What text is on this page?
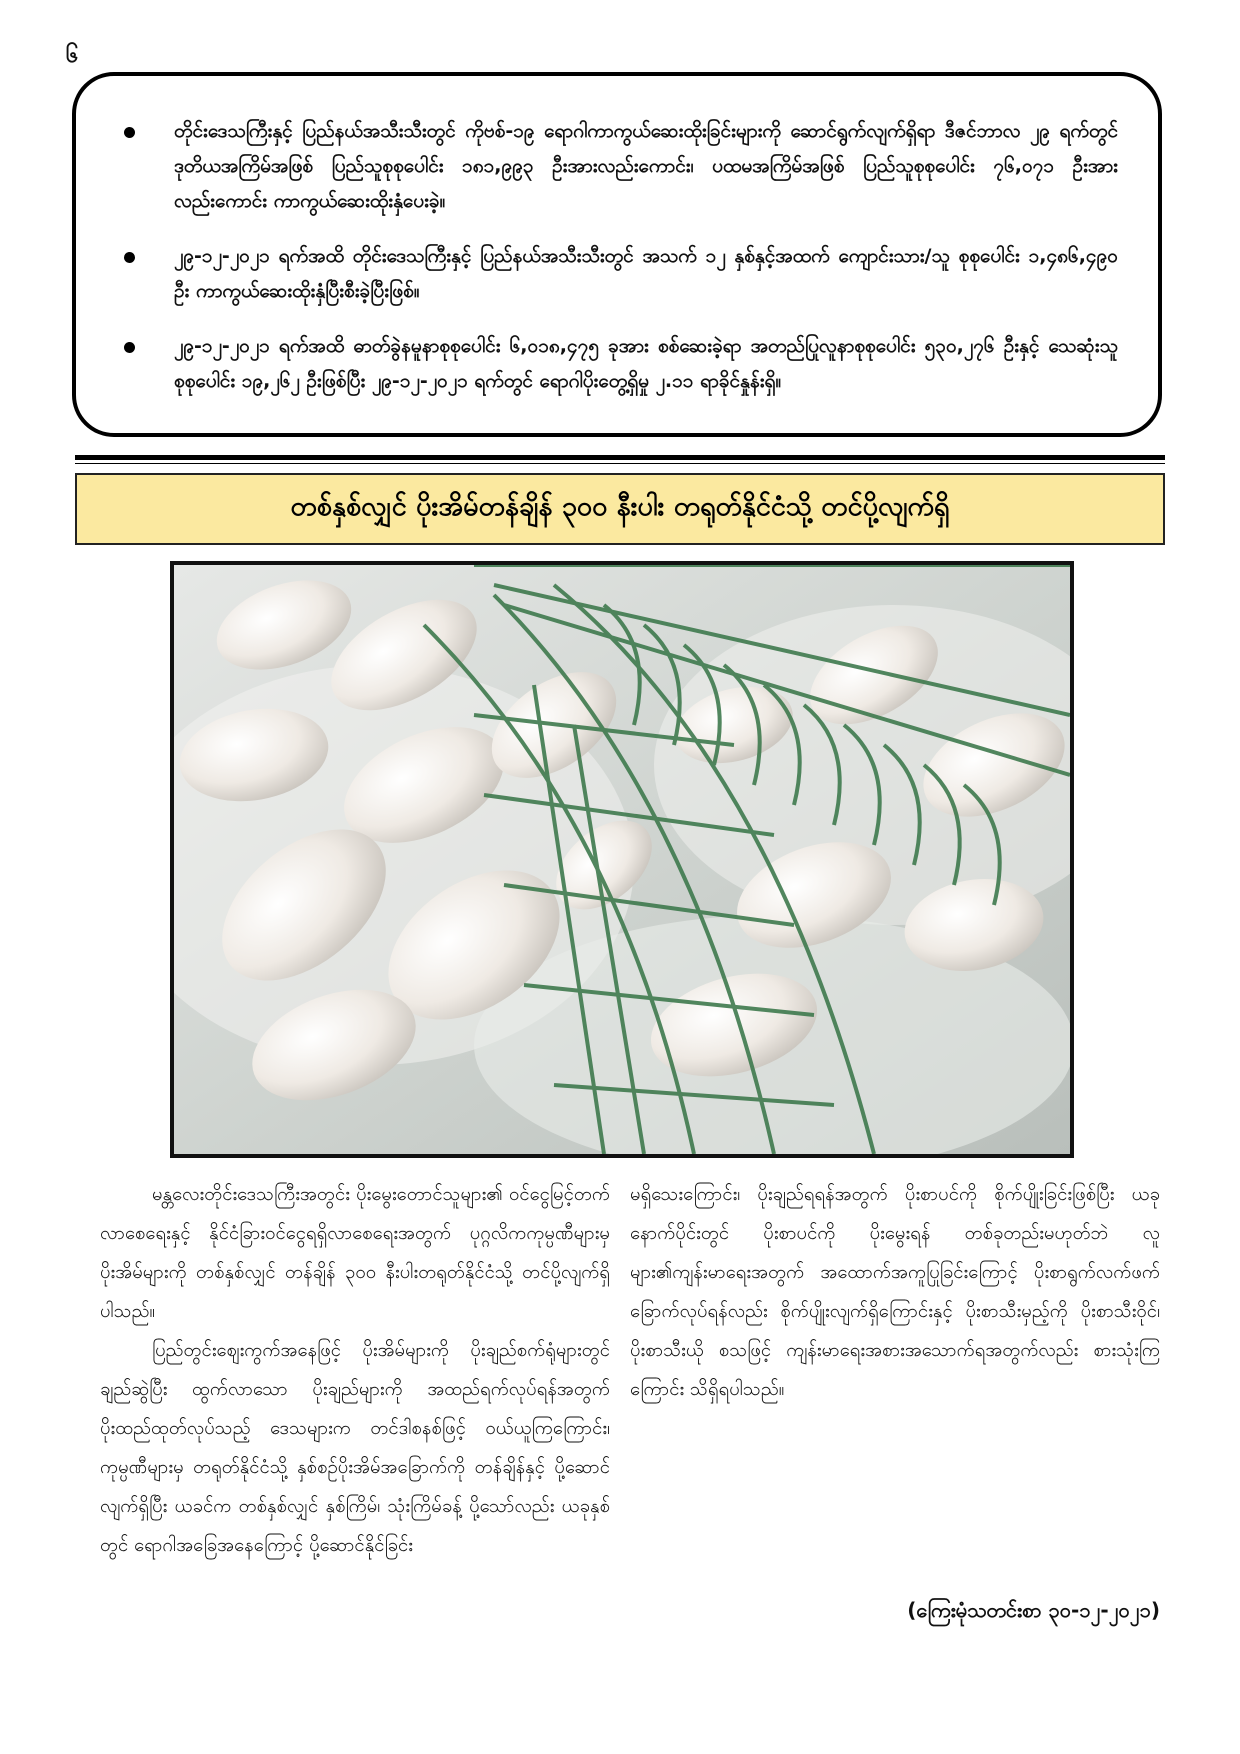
၆
တိုင်းဒေသကြီးနှင့် ပြည်နယ်အသီးသီးတွင် ကိုဗစ်-၁၉ ရောဂါကာကွယ်ဆေးထိုးခြင်းများကို ဆောင်ရွက်လျက်ရှိရာ ဒီဇင်ဘာလ ၂၉ ရက်တွင် ဒုတိယအကြိမ်အဖြစ် ပြည်သူစုစုပေါင်း ၁၈၁,၉၉၃ ဦးအားလည်းကောင်း၊ ပထမအကြိမ်အဖြစ် ပြည်သူစုစုပေါင်း ၇၆,၀၇၁ ဦးအားလည်းကောင်း ကာကွယ်ဆေးထိုးနှံပေးခဲ့။
၂၉-၁၂-၂၀၂၁ ရက်အထိ တိုင်းဒေသကြီးနှင့် ပြည်နယ်အသီးသီးတွင် အသက် ၁၂ နှစ်နှင့်အထက် ကျောင်းသား/သူ စုစုပေါင်း ၁,၄၈၆,၄၉၀ ဦး ကာကွယ်ဆေးထိုးနှံပြီးစီးခဲ့ပြီးဖြစ်။
၂၉-၁၂-၂၀၂၁ ရက်အထိ ဓာတ်ခွဲနမူနာစုစုပေါင်း ၆,၀၁၈,၄၇၅ ခုအား စစ်ဆေးခဲ့ရာ အတည်ပြုလူနာစုစုပေါင်း ၅၃၀,၂၇၆ ဦးနှင့် သေဆုံးသူစုစုပေါင်း ၁၉,၂၆၂ ဦးဖြစ်ပြီး ၂၉-၁၂-၂၀၂၁ ရက်တွင် ရောဂါပိုးတွေ့ရှိမှု ၂.၁၁ ရာခိုင်နှုန်းရှိ။
တစ်နှစ်လျှင် ပိုးအိမ်တန်ချိန် ၃၀၀ နီးပါး တရုတ်နိုင်ငံသို့ တင်ပို့လျက်ရှိ

မန္တလေးတိုင်းဒေသကြီးအတွင်း ပိုးမွေးတောင်သူများ၏ ဝင်ငွေမြင့်တက်လာစေရေးနှင့် နိုင်ငံခြားဝင်ငွေရရှိလာစေရေးအတွက် ပုဂ္ဂလိကကုမ္ပဏီများမှ ပိုးအိမ်များကို တစ်နှစ်လျှင် တန်ချိန် ၃၀၀ နီးပါးတရုတ်နိုင်ငံသို့ တင်ပို့လျက်ရှိပါသည်။

ပြည်တွင်းဈေးကွက်အနေဖြင့် ပိုးအိမ်များကို ပိုးချည်စက်ရုံများတွင် ချည်ဆွဲပြီး ထွက်လာသော ပိုးချည်များကို အထည်ရက်လုပ်ရန်အတွက် ပိုးထည်ထုတ်လုပ်သည့် ဒေသများက တင်ဒါစနစ်ဖြင့် ဝယ်ယူကြကြောင်း၊ ကုမ္ပဏီများမှ တရုတ်နိုင်ငံသို့ နှစ်စဉ်ပိုးအိမ်အခြောက်ကို တန်ချိန်နှင့် ပို့ဆောင်လျက်ရှိပြီး ယခင်က တစ်နှစ်လျှင် နှစ်ကြိမ်၊ သုံးကြိမ်ခန့် ပို့သော်လည်း ယခုနှစ်တွင် ရောဂါအခြေအနေကြောင့် ပို့ဆောင်နိုင်ခြင်း

မရှိသေးကြောင်း၊ ပိုးချည်ရရန်အတွက် ပိုးစာပင်ကို စိုက်ပျိုးခြင်းဖြစ်ပြီး ယခုနောက်ပိုင်းတွင် ပိုးစာပင်ကို ပိုးမွေးရန် တစ်ခုတည်းမဟုတ်ဘဲ လူများ၏ကျန်းမာရေးအတွက် အထောက်အကူပြုခြင်းကြောင့် ပိုးစာရွက်လက်ဖက်ခြောက်လုပ်ရန်လည်း စိုက်ပျိုးလျက်ရှိကြောင်းနှင့် ပိုးစာသီးမှည့်ကို ပိုးစာသီးဝိုင်၊ ပိုးစာသီးယို စသဖြင့် ကျန်းမာရေးအစားအသောက်ရအတွက်လည်း စားသုံးကြကြောင်း သိရှိရပါသည်။

(ကြေးမုံသတင်းစာ ၃၀-၁၂-၂၀၂၁)
